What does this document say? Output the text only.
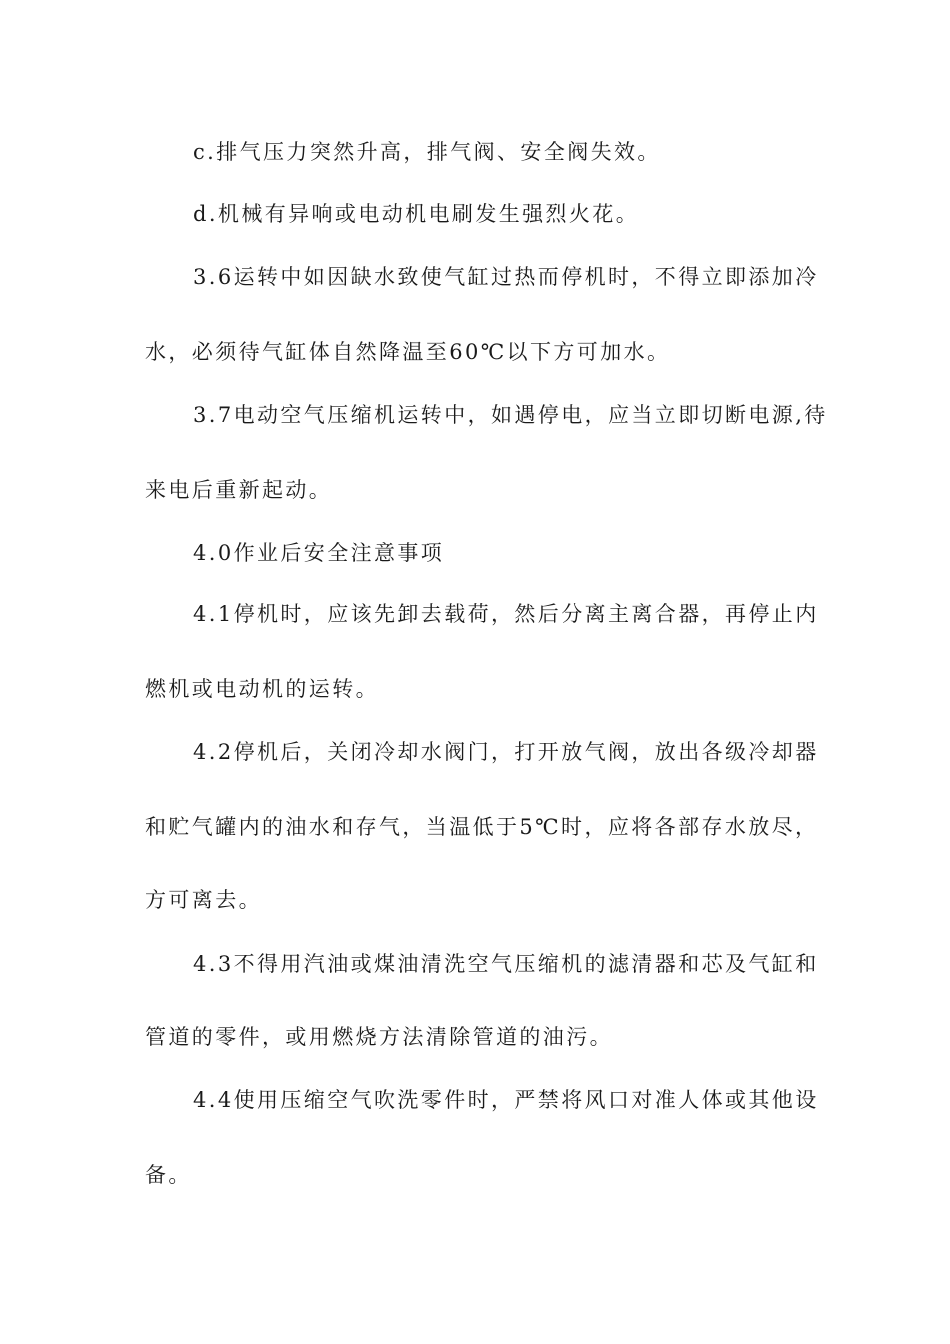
c.排气压力突然升高，排气阀、安全阀失效。
d.机械有异响或电动机电刷发生强烈火花。
3.6运转中如因缺水致使气缸过热而停机时，不得立即添加冷
水，必须待气缸体自然降温至60℃以下方可加水。
3.7电动空气压缩机运转中，如遇停电，应当立即切断电源,待
来电后重新起动。
4.0作业后安全注意事项
4.1停机时，应该先卸去载荷，然后分离主离合器，再停止内
燃机或电动机的运转。
4.2停机后，关闭冷却水阀门，打开放气阀，放出各级冷却器
和贮气罐内的油水和存气，当温低于5℃时，应将各部存水放尽，
方可离去。
4.3不得用汽油或煤油清洗空气压缩机的滤清器和芯及气缸和
管道的零件，或用燃烧方法清除管道的油污。
4.4使用压缩空气吹洗零件时，严禁将风口对准人体或其他设
备。
